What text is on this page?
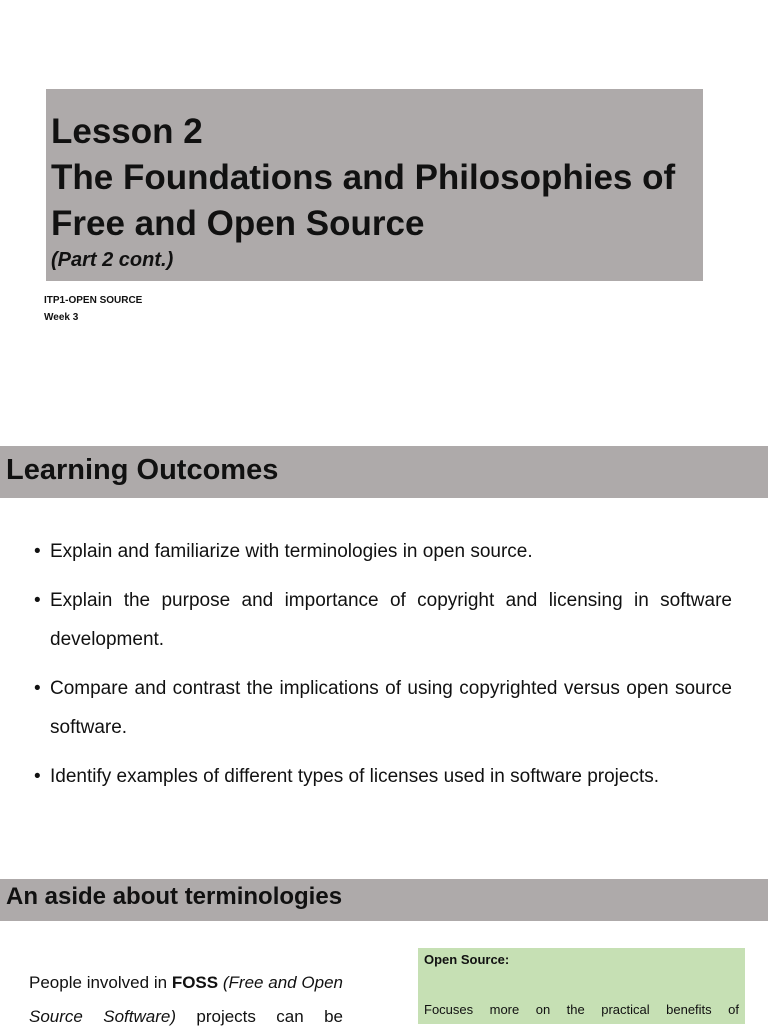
Lesson 2
The Foundations and Philosophies of Free and Open Source
(Part 2 cont.)
ITP1-OPEN SOURCE
Week 3
Learning Outcomes
• Explain and familiarize with terminologies in open source.
• Explain the purpose and importance of copyright and licensing in software development.
• Compare and contrast the implications of using copyrighted versus open source software.
• Identify examples of different types of licenses used in software projects.
An aside about terminologies
People involved in FOSS (Free and Open Source Software) projects can be
Open Source:
Focuses more on the practical benefits of
